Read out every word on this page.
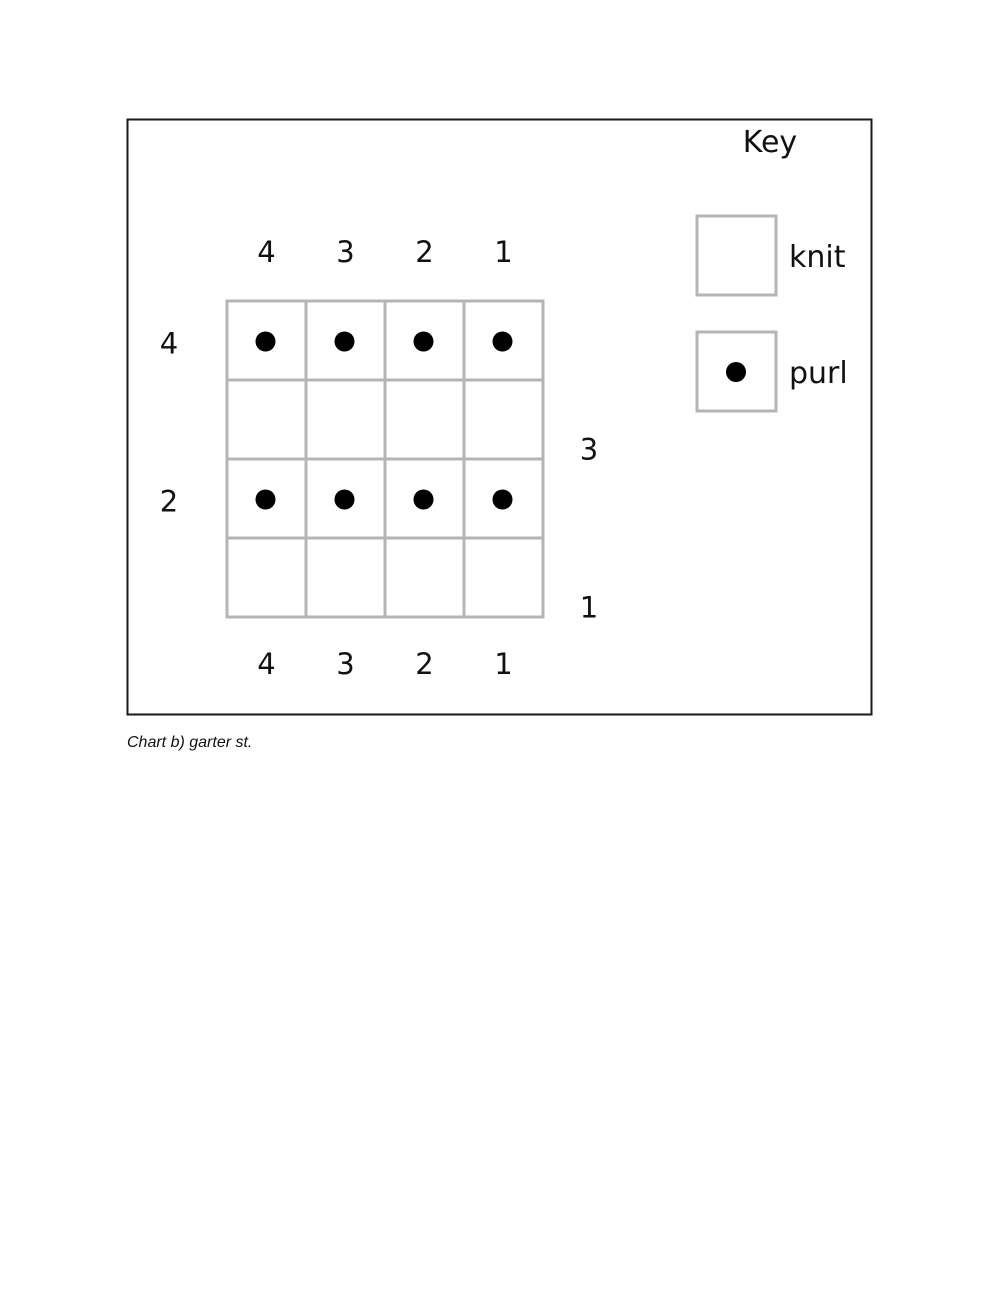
4 3 2 1
4 3 2 1
4
3
2
1
Key
knit
purl

Chart b) garter st.
